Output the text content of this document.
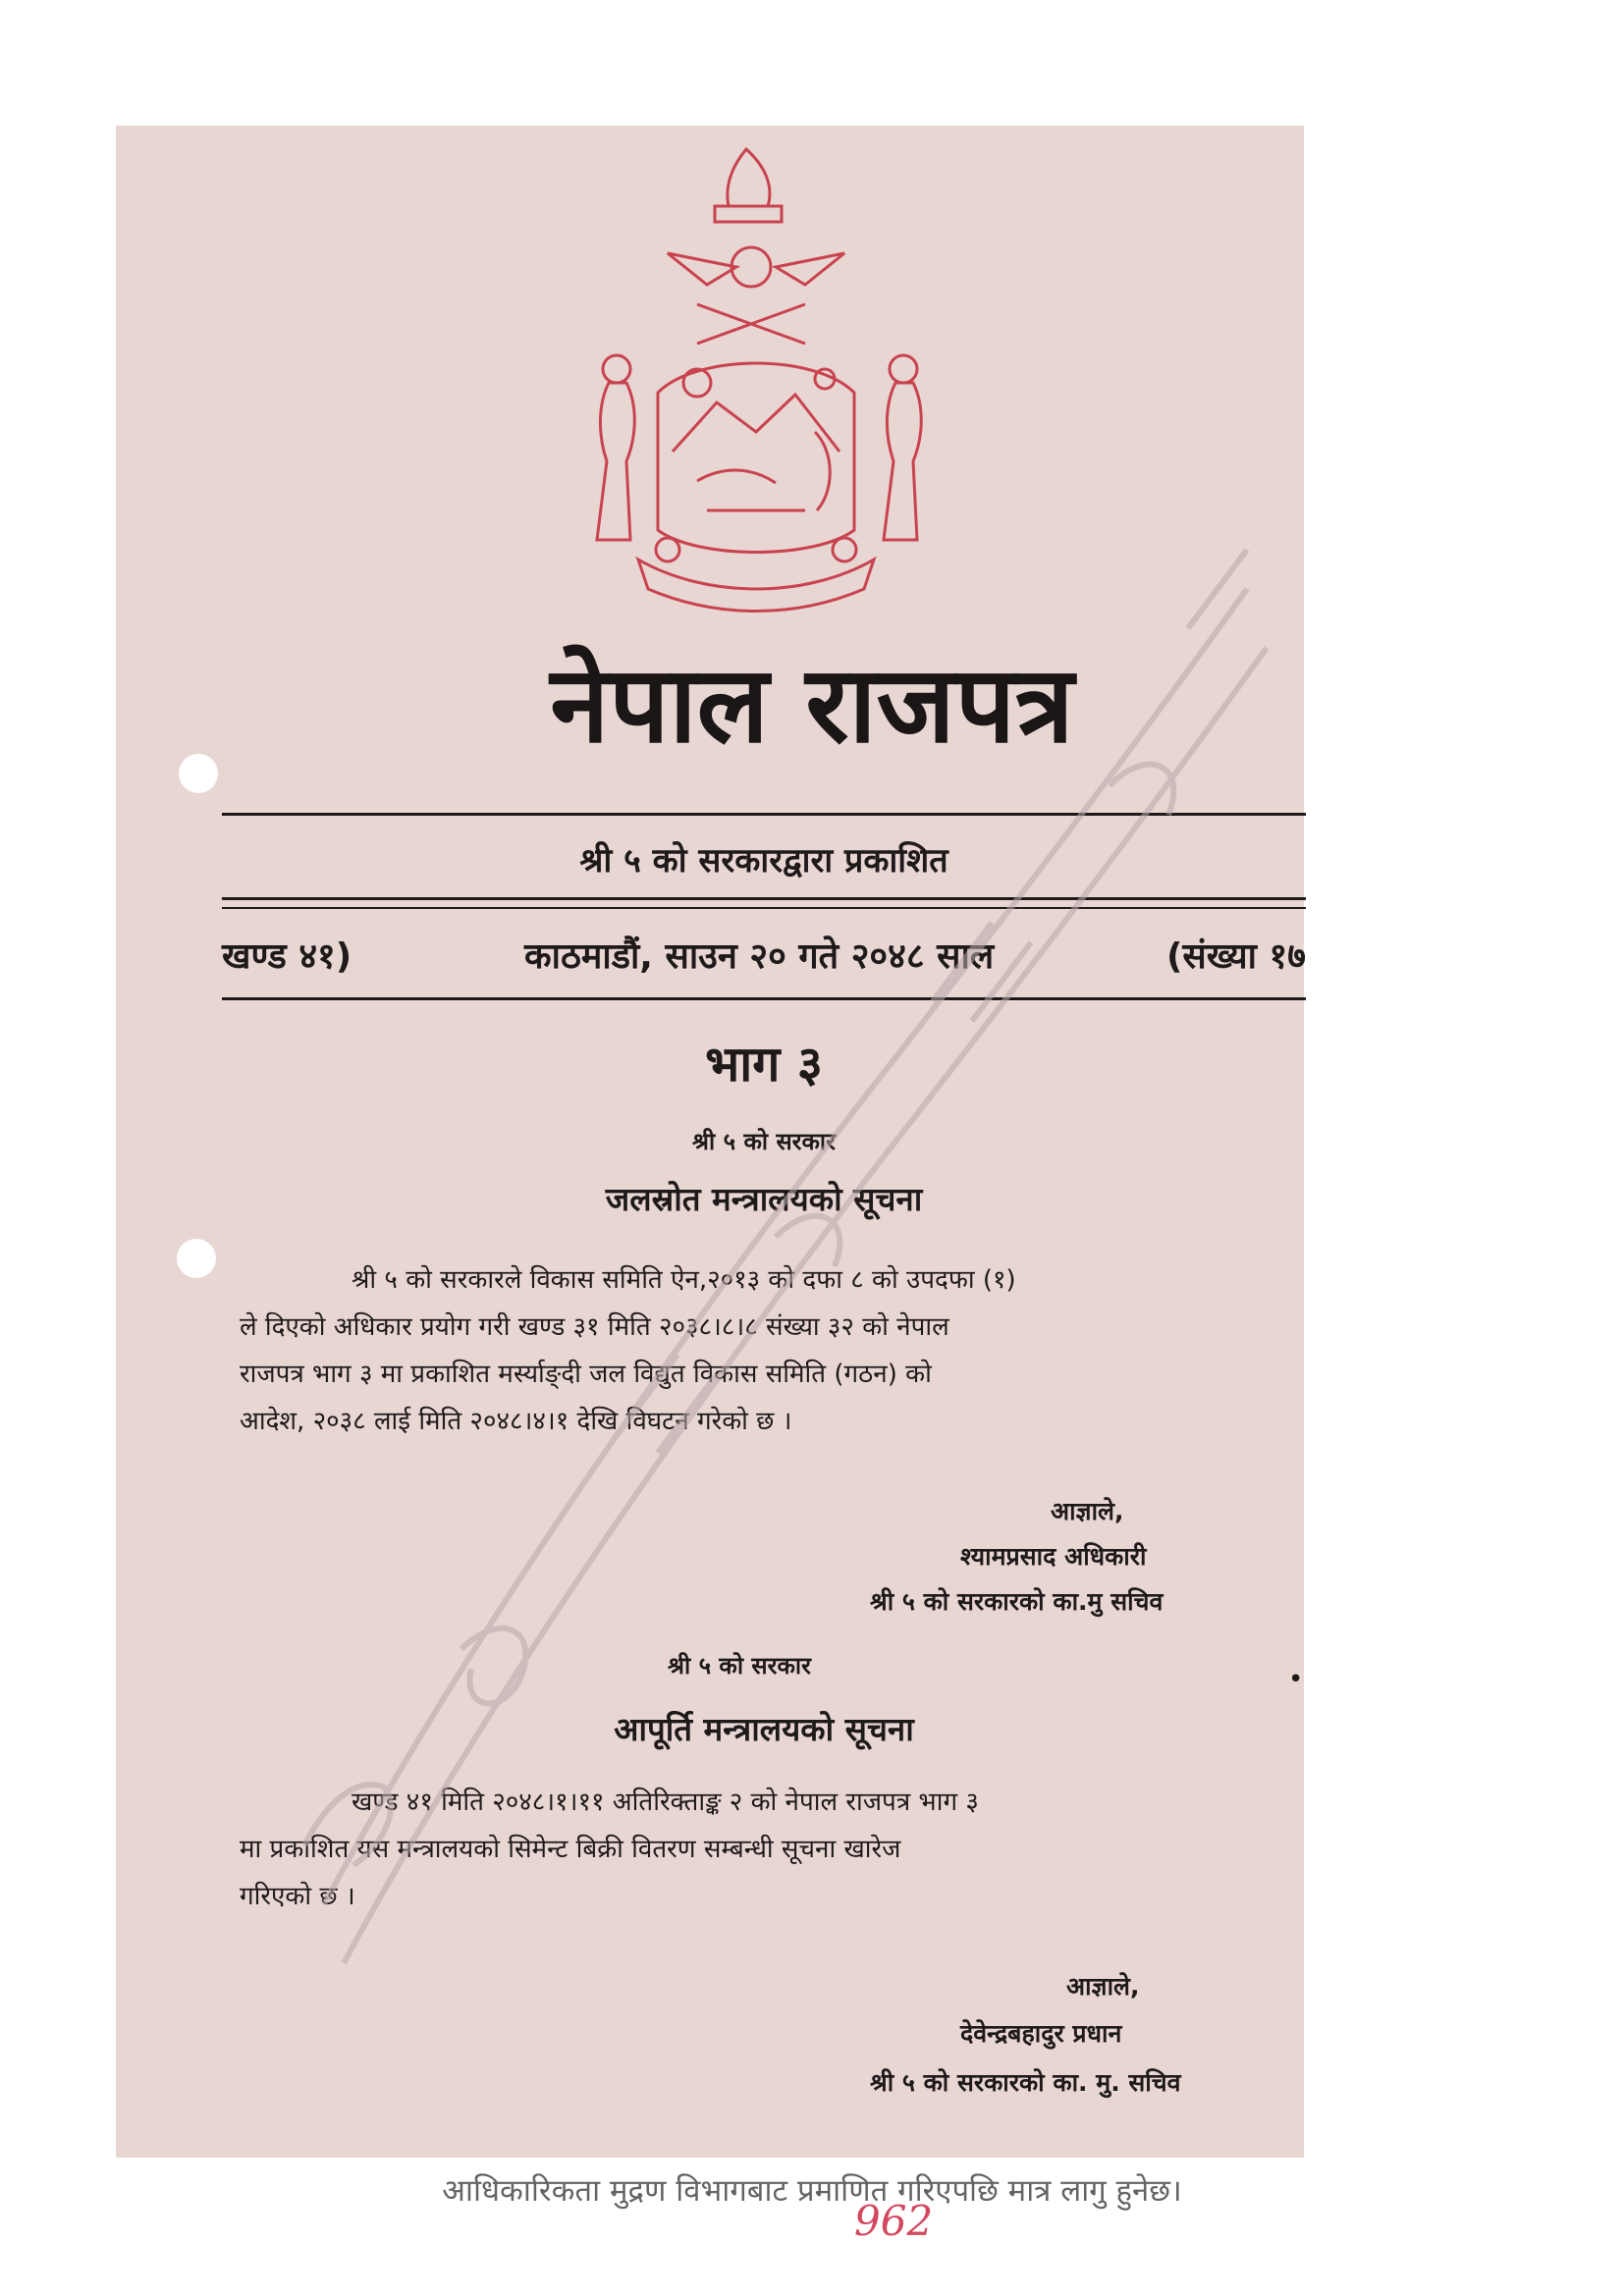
नेपाल राजपत्र
श्री ५ को सरकारद्वारा प्रकाशित
खण्ड ४१)	काठमाडौं, साउन २० गते २०४८ साल	(संख्या १७
भाग ३
श्री ५ को सरकार
जलस्रोत मन्त्रालयको सूचना
श्री ५ को सरकारले विकास समिति ऐन,२०१३ को दफा ८ को उपदफा (१)
ले दिएको अधिकार प्रयोग गरी खण्ड ३१ मिति २०३८।८।८ संख्या ३२ को नेपाल
राजपत्र भाग ३ मा प्रकाशित मर्स्याङ्दी जल विद्युत विकास समिति (गठन) को
आदेश, २०३८ लाई मिति २०४८।४।१ देखि विघटन गरेको छ ।
आज्ञाले,
श्यामप्रसाद अधिकारी
श्री ५ को सरकारको का.मु सचिव
श्री ५ को सरकार	•
आपूर्ति मन्त्रालयको सूचना
खण्ड ४१ मिति २०४८।१।११ अतिरिक्ताङ्क २ को नेपाल राजपत्र भाग ३
मा प्रकाशित यस मन्त्रालयको सिमेन्ट बिक्री वितरण सम्बन्धी सूचना खारेज
गरिएको छ ।
आज्ञाले,
देवेन्द्रबहादुर प्रधान
श्री ५ को सरकारको का. मु. सचिव
आधिकारिकता मुद्रण विभागबाट प्रमाणित गरिएपछि मात्र लागु हुनेछ।
962
